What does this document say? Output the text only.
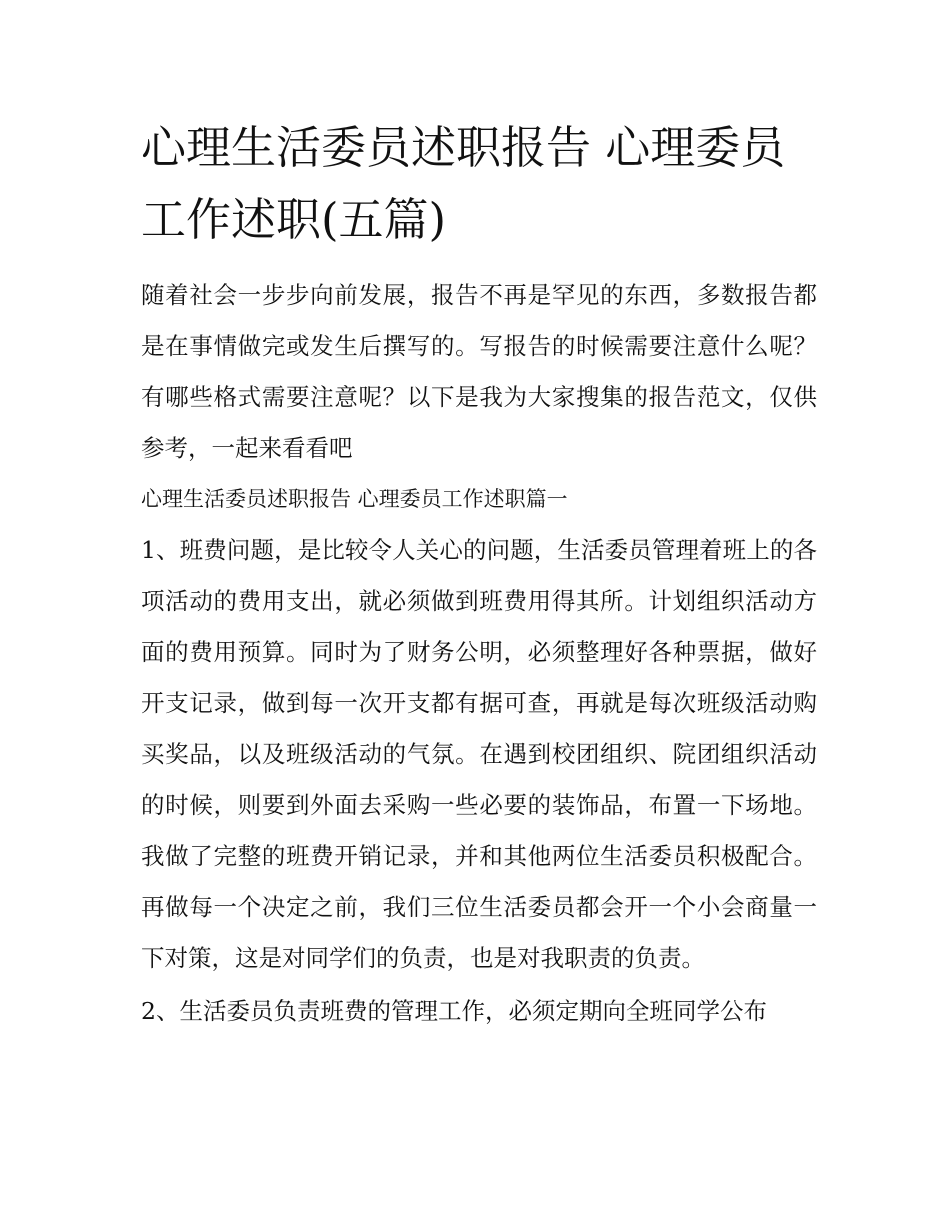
心理生活委员述职报告 心理委员工作述职(五篇)

随着社会一步步向前发展，报告不再是罕见的东西，多数报告都是在事情做完或发生后撰写的。写报告的时候需要注意什么呢？有哪些格式需要注意呢？以下是我为大家搜集的报告范文，仅供参考，一起来看看吧

心理生活委员述职报告 心理委员工作述职篇一

1、班费问题，是比较令人关心的问题，生活委员管理着班上的各项活动的费用支出，就必须做到班费用得其所。计划组织活动方面的费用预算。同时为了财务公明，必须整理好各种票据，做好开支记录，做到每一次开支都有据可查，再就是每次班级活动购买奖品，以及班级活动的气氛。在遇到校团组织、院团组织活动的时候，则要到外面去采购一些必要的装饰品，布置一下场地。我做了完整的班费开销记录，并和其他两位生活委员积极配合。再做每一个决定之前，我们三位生活委员都会开一个小会商量一下对策，这是对同学们的负责，也是对我职责的负责。

2、生活委员负责班费的管理工作，必须定期向全班同学公布
